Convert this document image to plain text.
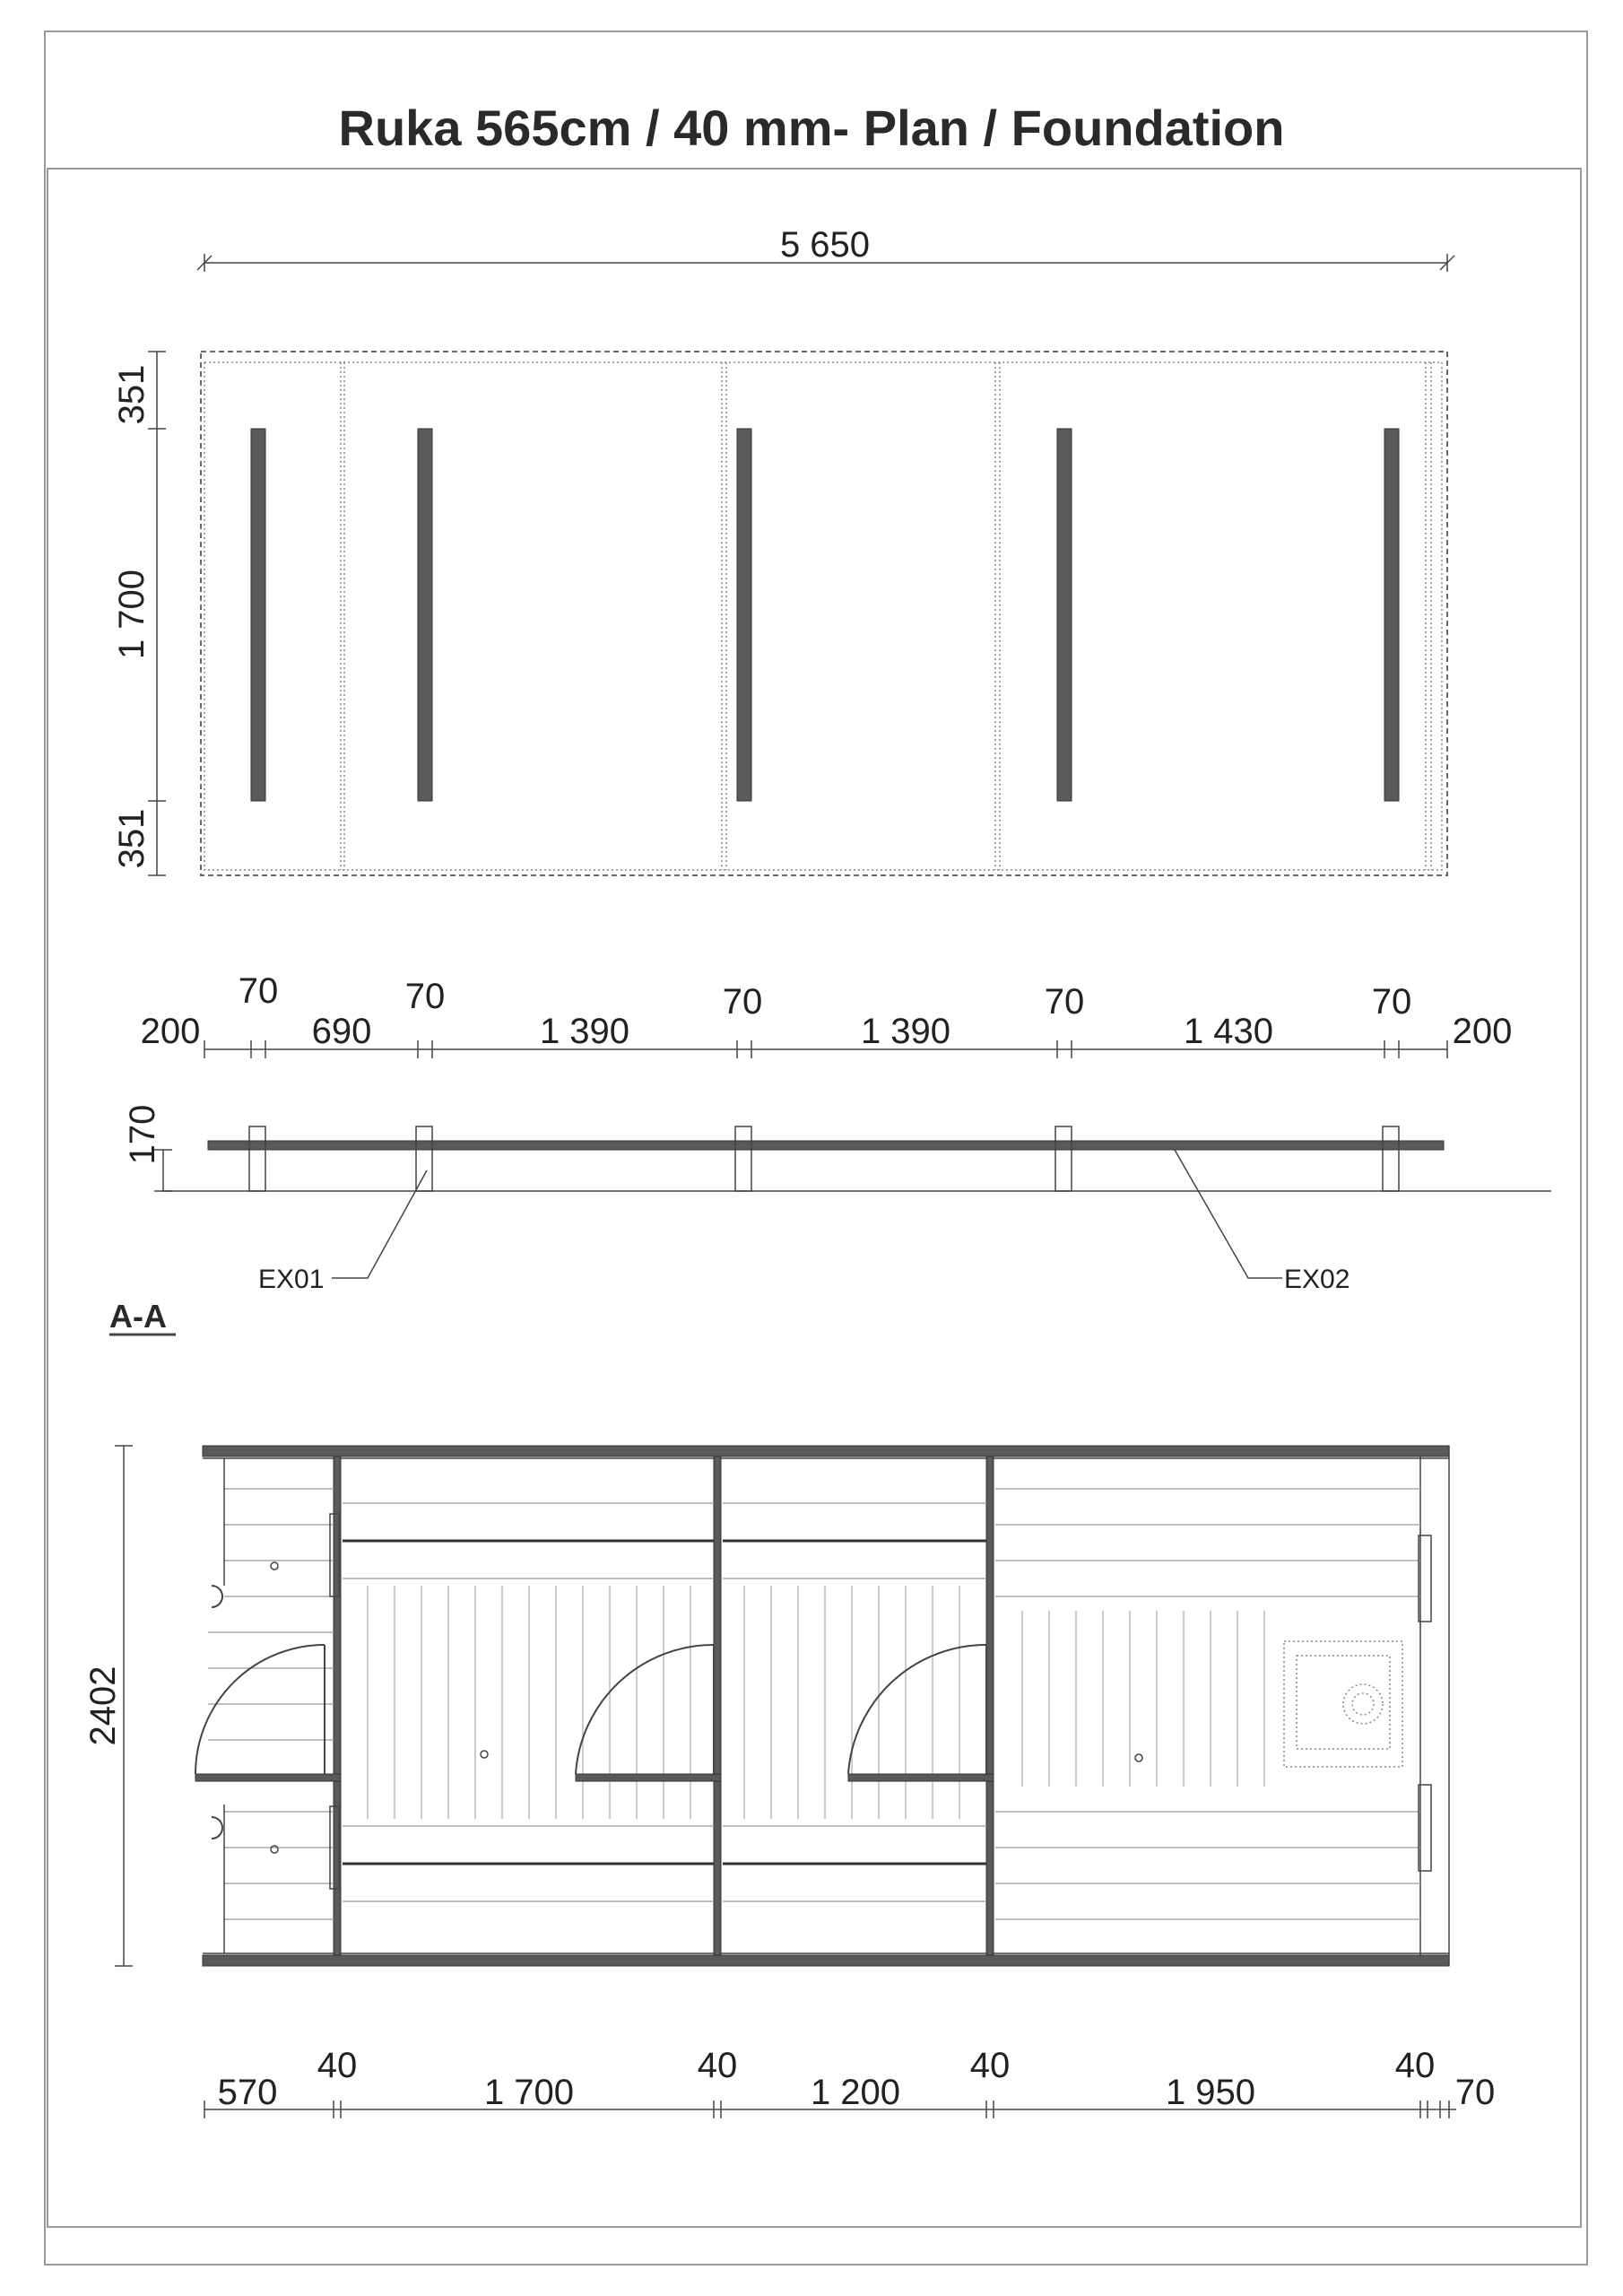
Ruka 565cm / 40 mm- Plan / Foundation
5 650
351
1 700
351
70	70	70	70	70
200	690	1 390	1 390	1 430	200
170
EX01	EX02
A-A
2402
40	40	40	40
570	1 700	1 200	1 950	70
